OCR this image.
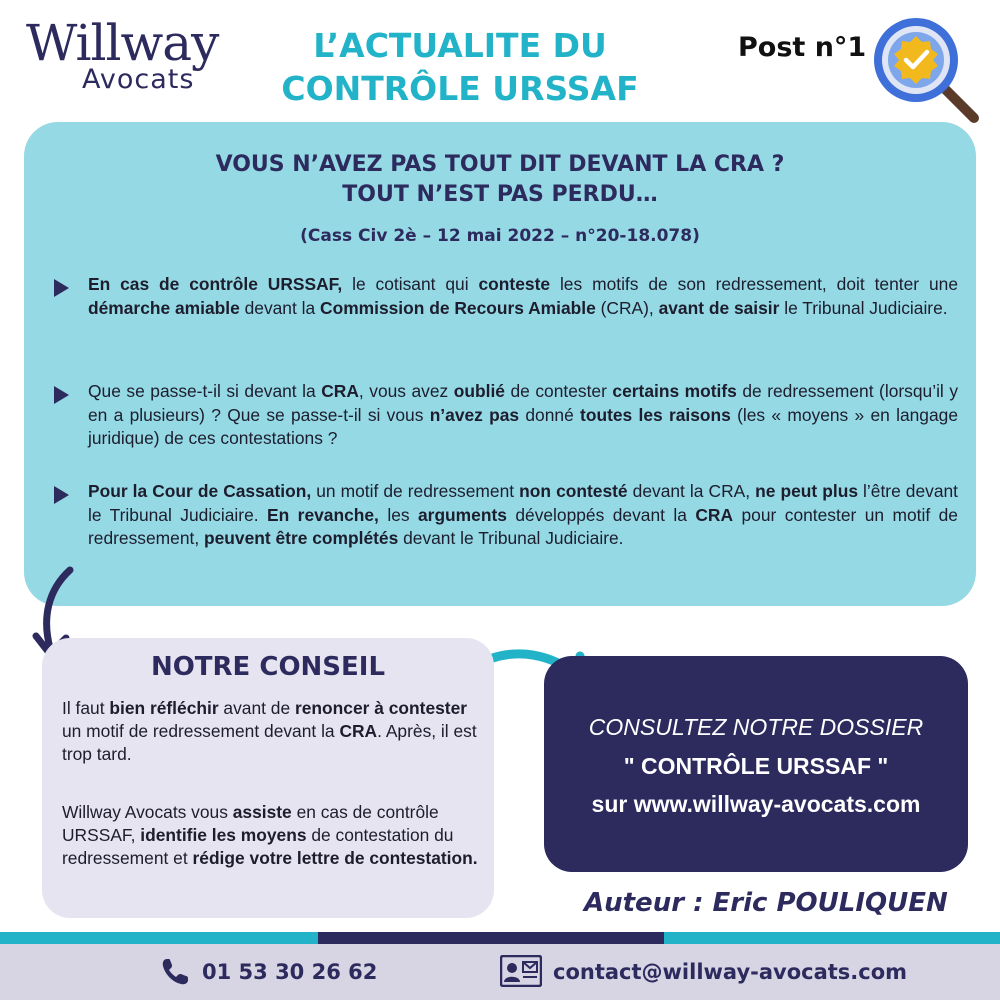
Willway
Avocats
L’ACTUALITE DU
CONTRÔLE URSSAF
Post n°1
VOUS N’AVEZ PAS TOUT DIT DEVANT LA CRA ?
TOUT N’EST PAS PERDU…
(Cass Civ 2è – 12 mai 2022 – n°20-18.078)
En cas de contrôle URSSAF, le cotisant qui conteste les motifs de son redressement, doit tenter une démarche amiable devant la Commission de Recours Amiable (CRA), avant de saisir le Tribunal Judiciaire.
Que se passe-t-il si devant la CRA, vous avez oublié de contester certains motifs de redressement (lorsqu’il y en a plusieurs) ? Que se passe-t-il si vous n’avez pas donné toutes les raisons (les « moyens » en langage juridique) de ces contestations ?
Pour la Cour de Cassation, un motif de redressement non contesté devant la CRA, ne peut plus l’être devant le Tribunal Judiciaire. En revanche, les arguments développés devant la CRA pour contester un motif de redressement, peuvent être complétés devant le Tribunal Judiciaire.
NOTRE CONSEIL
Il faut bien réfléchir avant de renoncer à contester un motif de redressement devant la CRA. Après, il est trop tard.
Willway Avocats vous assiste en cas de contrôle URSSAF, identifie les moyens de contestation du redressement et rédige votre lettre de contestation.
CONSULTEZ NOTRE DOSSIER
" CONTRÔLE URSSAF "
sur www.willway-avocats.com
Auteur : Eric POULIQUEN
01 53 30 26 62	contact@willway-avocats.com
